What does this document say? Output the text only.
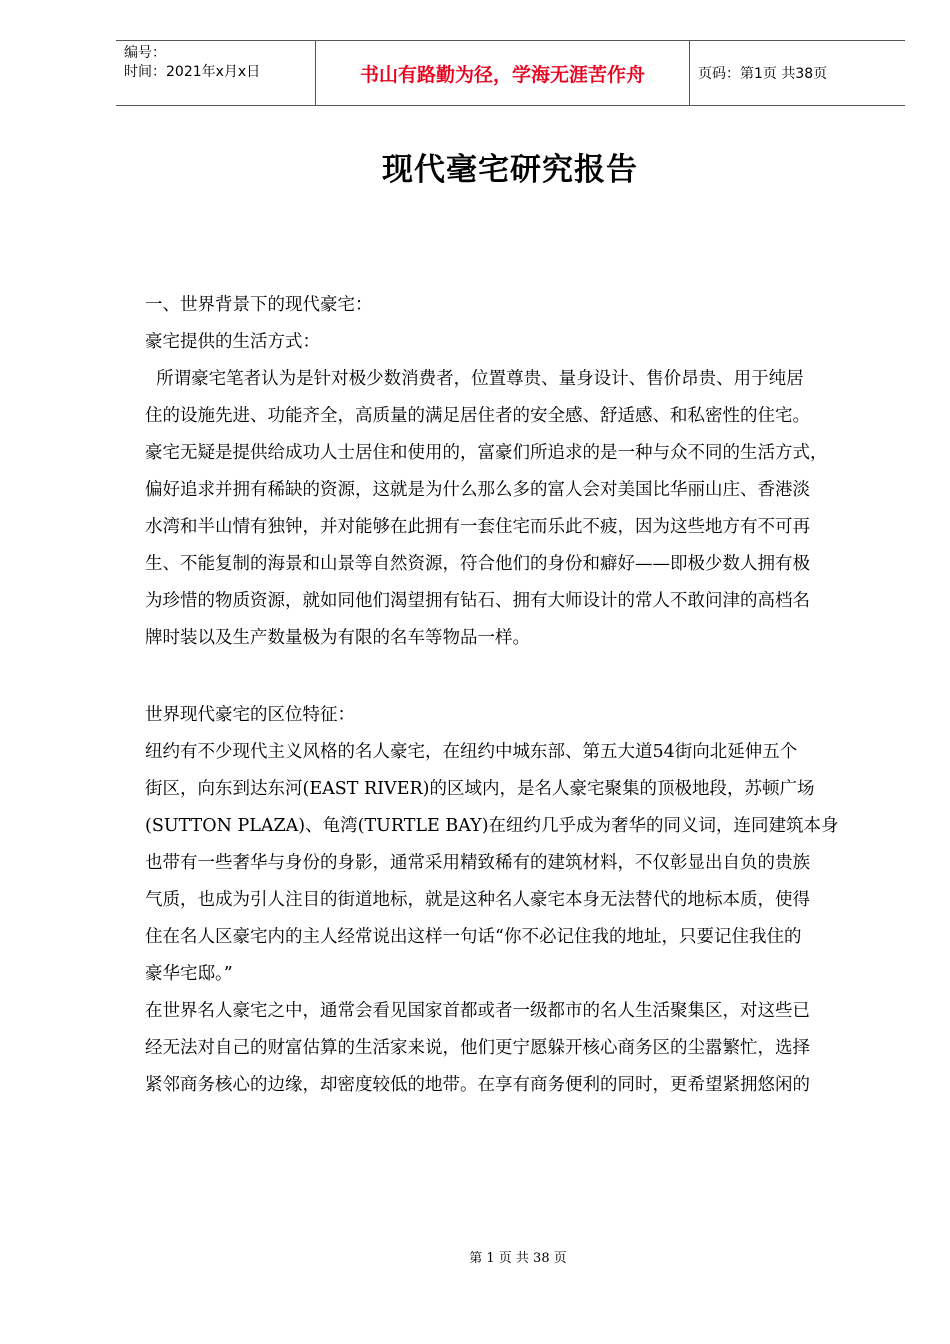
编号：
时间：2021年x月x日	书山有路勤为径，学海无涯苦作舟	页码：第1页 共38页
现代毫宅研究报告
一、世界背景下的现代豪宅：
豪宅提供的生活方式：
所谓豪宅笔者认为是针对极少数消费者，位置尊贵、量身设计、售价昂贵、用于纯居
住的设施先进、功能齐全，高质量的满足居住者的安全感、舒适感、和私密性的住宅。
豪宅无疑是提供给成功人士居住和使用的，富豪们所追求的是一种与众不同的生活方式，
偏好追求并拥有稀缺的资源，这就是为什么那么多的富人会对美国比华丽山庄、香港淡
水湾和半山情有独钟，并对能够在此拥有一套住宅而乐此不疲，因为这些地方有不可再
生、不能复制的海景和山景等自然资源，符合他们的身份和癖好——即极少数人拥有极
为珍惜的物质资源，就如同他们渴望拥有钻石、拥有大师设计的常人不敢问津的高档名
牌时装以及生产数量极为有限的名车等物品一样。
世界现代豪宅的区位特征：
纽约有不少现代主义风格的名人豪宅，在纽约中城东部、第五大道54街向北延伸五个
街区，向东到达东河(EAST RIVER)的区域内，是名人豪宅聚集的顶极地段，苏顿广场
(SUTTON PLAZA)、龟湾(TURTLE BAY)在纽约几乎成为奢华的同义词，连同建筑本身
也带有一些奢华与身份的身影，通常采用精致稀有的建筑材料，不仅彰显出自负的贵族
气质，也成为引人注目的街道地标，就是这种名人豪宅本身无法替代的地标本质，使得
住在名人区豪宅内的主人经常说出这样一句话“你不必记住我的地址，只要记住我住的
豪华宅邸。”
在世界名人豪宅之中，通常会看见国家首都或者一级都市的名人生活聚集区，对这些已
经无法对自己的财富估算的生活家来说，他们更宁愿躲开核心商务区的尘嚣繁忙，选择
紧邻商务核心的边缘，却密度较低的地带。在享有商务便利的同时，更希望紧拥悠闲的
第 1 页 共 38 页
